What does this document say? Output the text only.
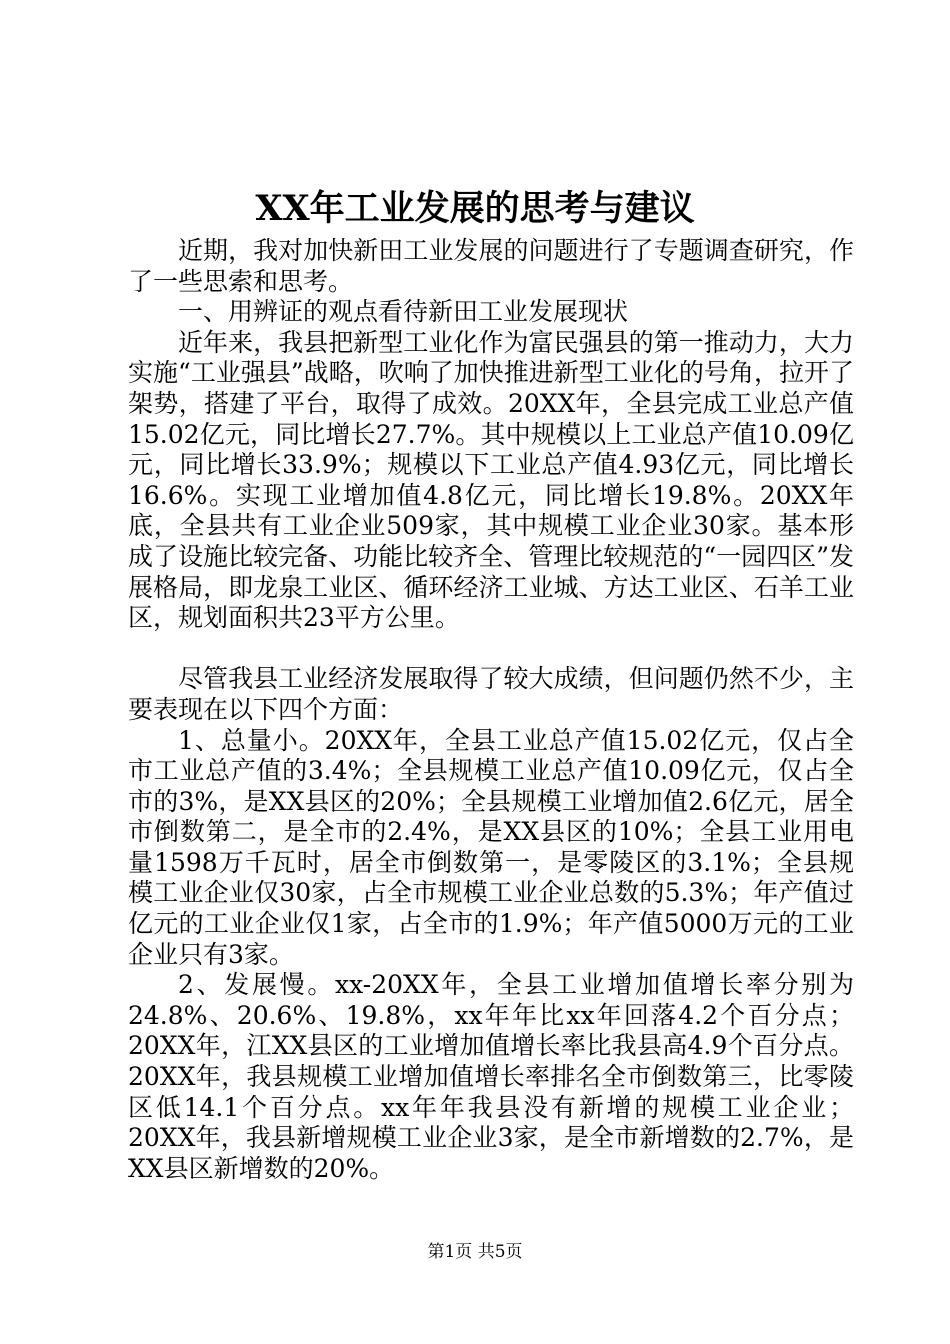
XX年工业发展的思考与建议

近期，我对加快新田工业发展的问题进行了专题调查研究，作了一些思索和思考。

一、用辨证的观点看待新田工业发展现状

近年来，我县把新型工业化作为富民强县的第一推动力，大力实施“工业强县”战略，吹响了加快推进新型工业化的号角，拉开了架势，搭建了平台，取得了成效。20XX年，全县完成工业总产值15.02亿元，同比增长27.7%。其中规模以上工业总产值10.09亿元，同比增长33.9%；规模以下工业总产值4.93亿元，同比增长16.6%。实现工业增加值4.8亿元，同比增长19.8%。20XX年底，全县共有工业企业509家，其中规模工业企业30家。基本形成了设施比较完备、功能比较齐全、管理比较规范的“一园四区”发展格局，即龙泉工业区、循环经济工业城、方达工业区、石羊工业区，规划面积共23平方公里。

尽管我县工业经济发展取得了较大成绩，但问题仍然不少，主要表现在以下四个方面：

1、总量小。20XX年，全县工业总产值15.02亿元，仅占全市工业总产值的3.4%；全县规模工业总产值10.09亿元，仅占全市的3%，是XX县区的20%；全县规模工业增加值2.6亿元，居全市倒数第二，是全市的2.4%，是XX县区的10%；全县工业用电量1598万千瓦时，居全市倒数第一，是零陵区的3.1%；全县规模工业企业仅30家，占全市规模工业企业总数的5.3%；年产值过亿元的工业企业仅1家，占全市的1.9%；年产值5000万元的工业企业只有3家。

2、发展慢。xx-20XX年，全县工业增加值增长率分别为24.8%、20.6%、19.8%，xx年年比xx年回落4.2个百分点；20XX年，江XX县区的工业增加值增长率比我县高4.9个百分点。20XX年，我县规模工业增加值增长率排名全市倒数第三，比零陵区低14.1个百分点。xx年年我县没有新增的规模工业企业；20XX年，我县新增规模工业企业3家，是全市新增数的2.7%，是XX县区新增数的20%。

第1页 共5页
